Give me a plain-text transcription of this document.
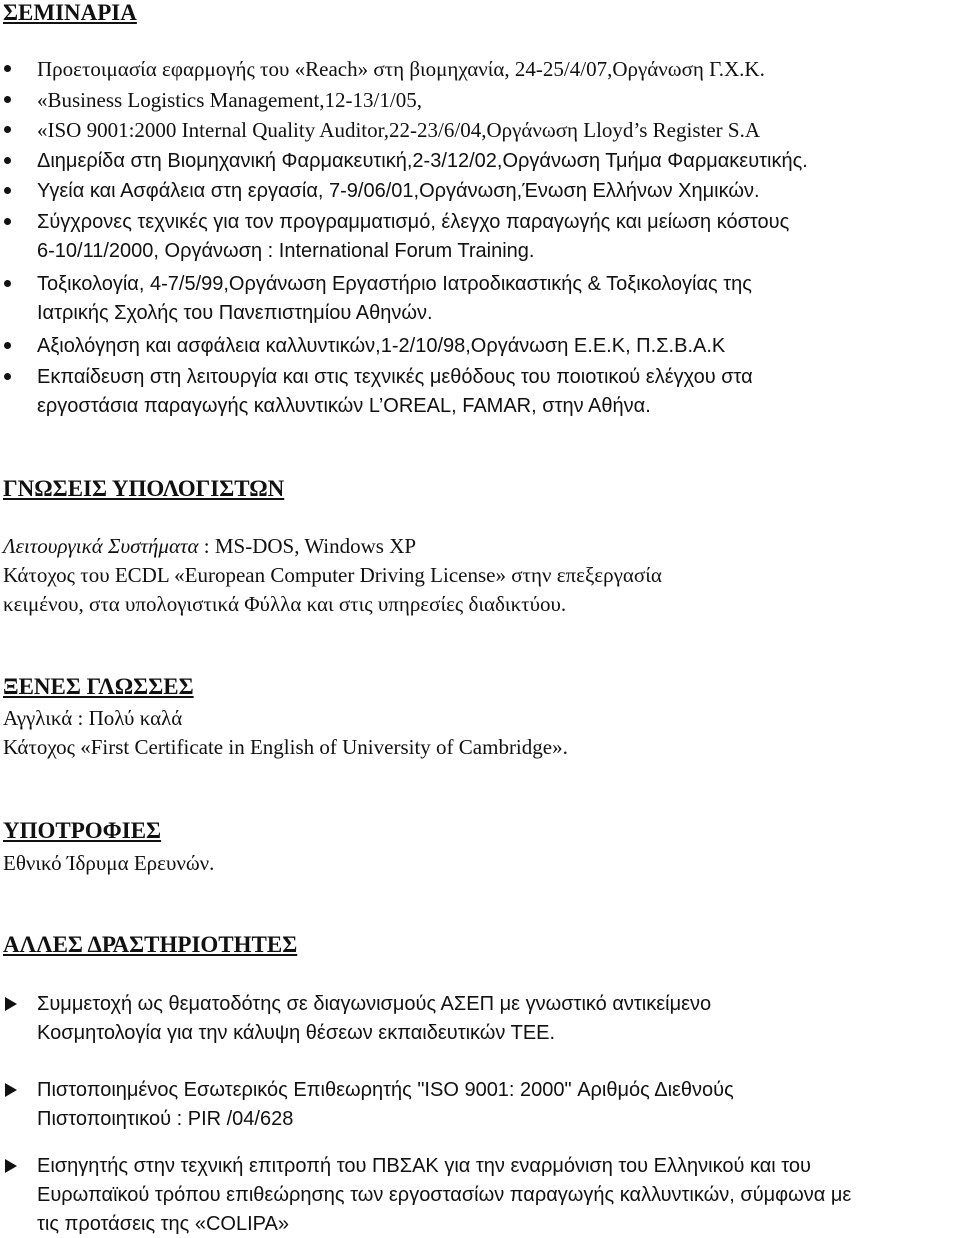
ΣΕΜΙΝΑΡΙΑ

Προετοιμασία εφαρμογής του «Reach» στη βιομηχανία, 24-25/4/07,Οργάνωση Γ.Χ.Κ.

«Business Logistics Management,12-13/1/05,

«ISO 9001:2000 Internal Quality Auditor,22-23/6/04,Οργάνωση Lloyd’s Register S.A

Διημερίδα στη Βιομηχανική Φαρμακευτική,2-3/12/02,Οργάνωση Τμήμα Φαρμακευτικής.

Υγεία και Ασφάλεια στη εργασία, 7-9/06/01,Οργάνωση,Ένωση Ελλήνων Χημικών.

Σύγχρονες τεχνικές για τον προγραμματισμό, έλεγχο παραγωγής και μείωση κόστους

6-10/11/2000, Οργάνωση : International Forum Training.

Τοξικολογία, 4-7/5/99,Οργάνωση Εργαστήριο Ιατροδικαστικής & Τοξικολογίας της

Ιατρικής Σχολής του Πανεπιστημίου Αθηνών.

Αξιολόγηση και ασφάλεια καλλυντικών,1-2/10/98,Οργάνωση Ε.Ε.Κ, Π.Σ.Β.Α.Κ

Εκπαίδευση στη λειτουργία και στις τεχνικές μεθόδους του ποιοτικού ελέγχου στα

εργοστάσια παραγωγής καλλυντικών L’OREAL, FAMAR, στην Αθήνα.

ΓΝΩΣΕΙΣ ΥΠΟΛΟΓΙΣΤΩΝ

Λειτουργικά Συστήματα : MS-DOS, Windows XP

Κάτοχος του ECDL «European Computer Driving License» στην επεξεργασία

κειμένου, στα υπολογιστικά Φύλλα και στις υπηρεσίες διαδικτύου.

ΞΕΝΕΣ ΓΛΩΣΣΕΣ

Αγγλικά : Πολύ καλά

Κάτοχος «First Certificate in English of University of Cambridge».

ΥΠΟΤΡΟΦΙΕΣ

Εθνικό Ίδρυμα Ερευνών.

ΑΛΛΕΣ ΔΡΑΣΤΗΡΙΟΤΗΤΕΣ

Συμμετοχή ως θεματοδότης σε διαγωνισμούς ΑΣΕΠ με γνωστικό αντικείμενο

Κοσμητολογία για την κάλυψη θέσεων εκπαιδευτικών ΤΕΕ.

Πιστοποιημένος Εσωτερικός Επιθεωρητής "ISO 9001: 2000" Αριθμός Διεθνούς

Πιστοποιητικού : PIR /04/628

Εισηγητής στην τεχνική επιτροπή του ΠΒΣΑΚ για την εναρμόνιση του Ελληνικού και του

Ευρωπαϊκού τρόπου επιθεώρησης των εργοστασίων παραγωγής καλλυντικών, σύμφωνα με

τις προτάσεις της «COLIPA»
